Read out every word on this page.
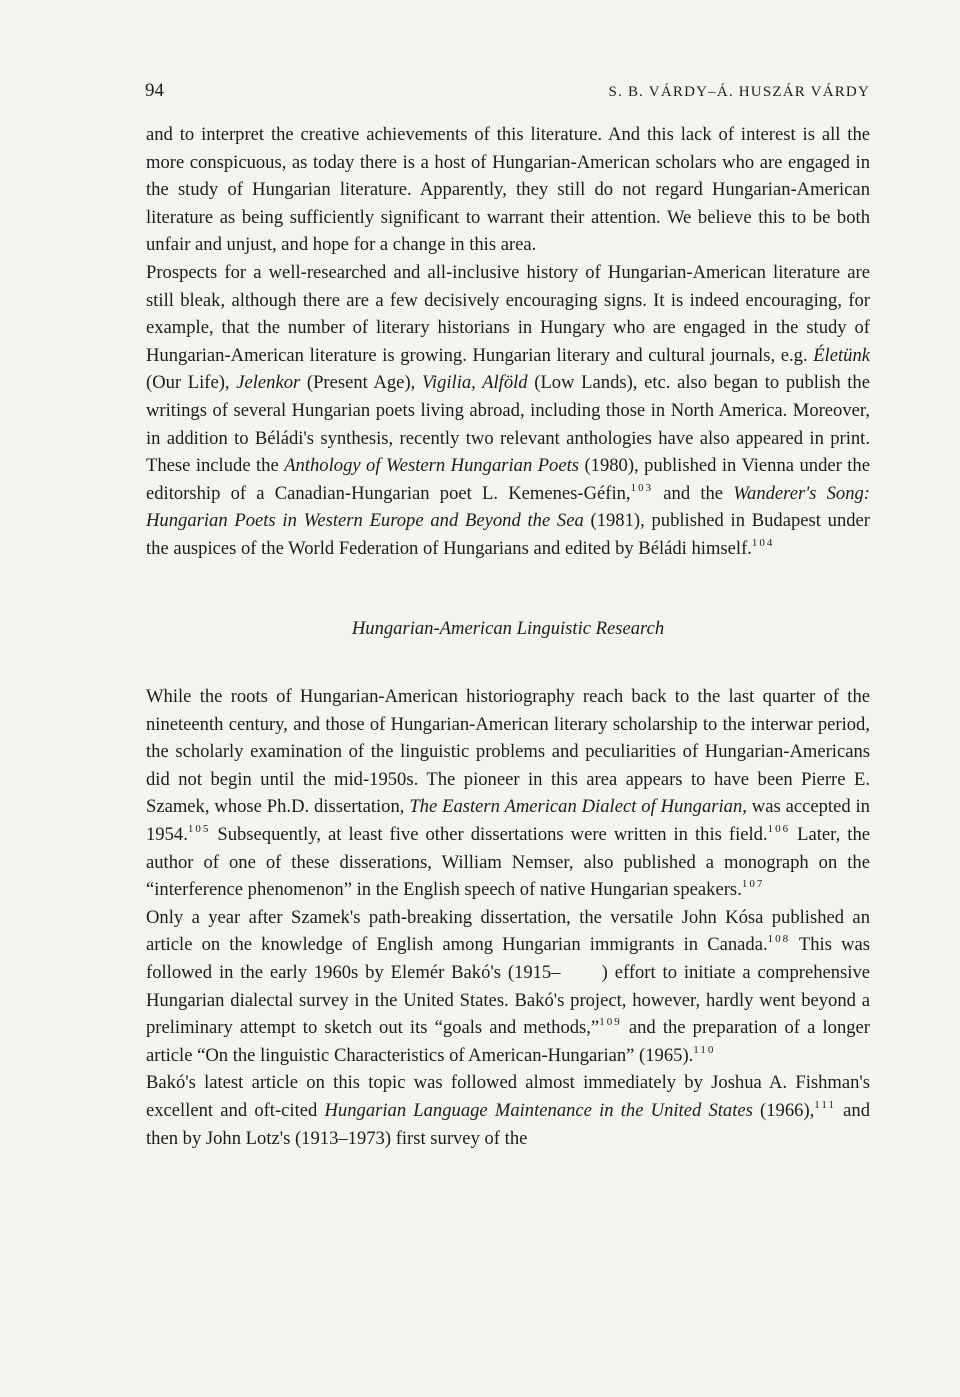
94	S. B. VÁRDY–Á. HUSZÁR VÁRDY

and to interpret the creative achievements of this literature. And this lack of interest is all the more conspicuous, as today there is a host of Hungarian-American scholars who are engaged in the study of Hungarian literature. Apparently, they still do not regard Hungarian-American literature as being sufficiently significant to warrant their attention. We believe this to be both unfair and unjust, and hope for a change in this area.

Prospects for a well-researched and all-inclusive history of Hungarian-American literature are still bleak, although there are a few decisively encouraging signs. It is indeed encouraging, for example, that the number of literary historians in Hungary who are engaged in the study of Hungarian-American literature is growing. Hungarian literary and cultural journals, e.g. Életünk (Our Life), Jelenkor (Present Age), Vigilia, Alföld (Low Lands), etc. also began to publish the writings of several Hungarian poets living abroad, including those in North America. Moreover, in addition to Béládi's synthesis, recently two relevant anthologies have also appeared in print. These include the Anthology of Western Hungarian Poets (1980), published in Vienna under the editorship of a Canadian-Hungarian poet L. Kemenes-Géfin,$^{103}$ and the Wanderer's Song: Hungarian Poets in Western Europe and Beyond the Sea (1981), published in Budapest under the auspices of the World Federation of Hungarians and edited by Béládi himself.$^{104}$

Hungarian-American Linguistic Research

While the roots of Hungarian-American historiography reach back to the last quarter of the nineteenth century, and those of Hungarian-American literary scholarship to the interwar period, the scholarly examination of the linguistic problems and peculiarities of Hungarian-Americans did not begin until the mid-1950s. The pioneer in this area appears to have been Pierre E. Szamek, whose Ph.D. dissertation, The Eastern American Dialect of Hungarian, was accepted in 1954.$^{105}$ Subsequently, at least five other dissertations were written in this field.$^{106}$ Later, the author of one of these disserations, William Nemser, also published a monograph on the “interference phenomenon” in the English speech of native Hungarian speakers.$^{107}$

Only a year after Szamek's path-breaking dissertation, the versatile John Kósa published an article on the knowledge of English among Hungarian immigrants in Canada.$^{108}$ This was followed in the early 1960s by Elemér Bakó's (1915–      ) effort to initiate a comprehensive Hungarian dialectal survey in the United States. Bakó's project, however, hardly went beyond a preliminary attempt to sketch out its “goals and methods,”$^{109}$ and the preparation of a longer article “On the linguistic Characteristics of American-Hungarian” (1965).$^{110}$

Bakó's latest article on this topic was followed almost immediately by Joshua A. Fishman's excellent and oft-cited Hungarian Language Maintenance in the United States (1966),$^{111}$ and then by John Lotz's (1913–1973) first survey of the
